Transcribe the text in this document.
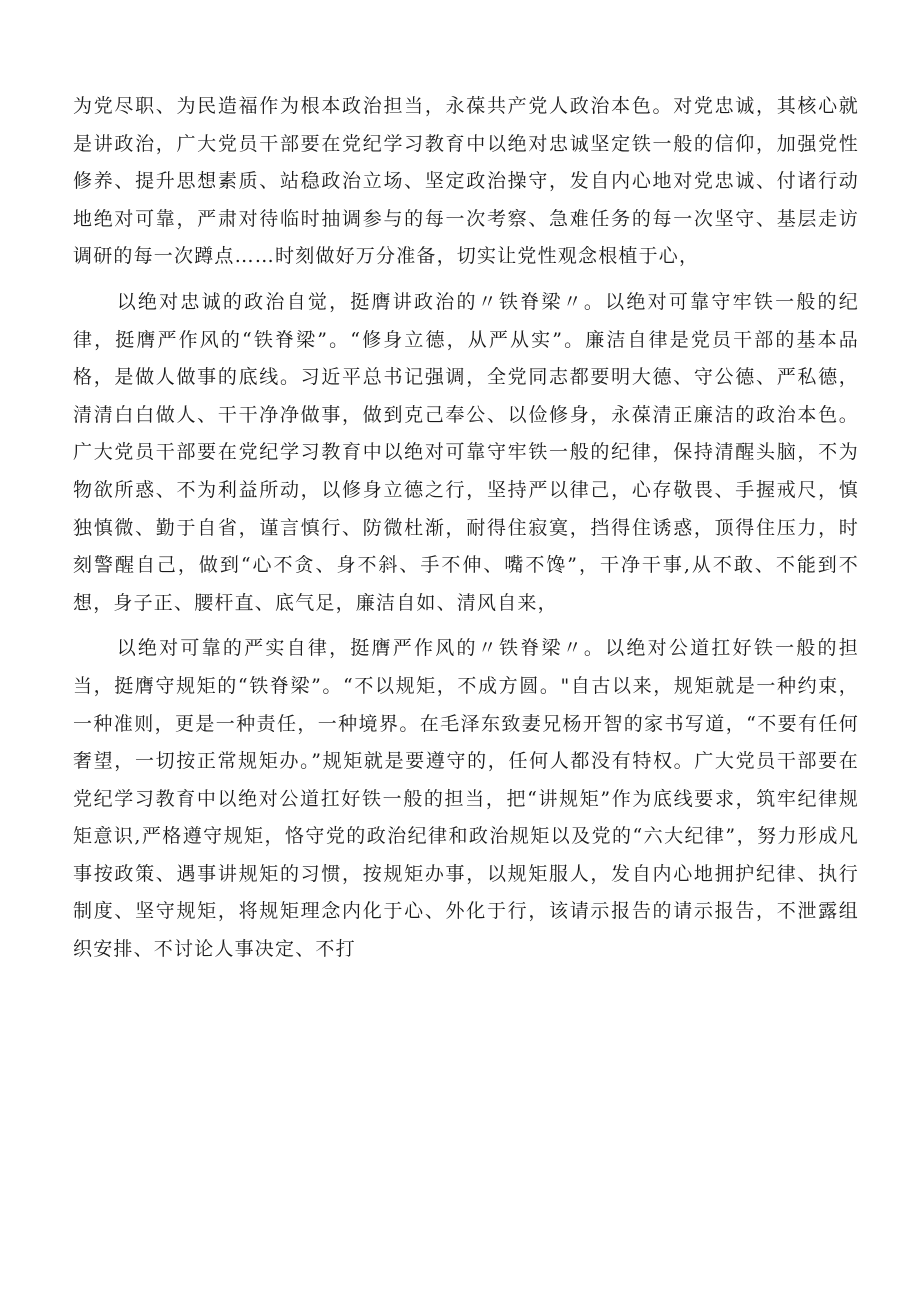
为党尽职、为民造福作为根本政治担当，永葆共产党人政治本色。对党忠诚，其核心就是讲政治，广大党员干部要在党纪学习教育中以绝对忠诚坚定铁一般的信仰，加强党性修养、提升思想素质、站稳政治立场、坚定政治操守，发自内心地对党忠诚、付诸行动地绝对可靠，严肃对待临时抽调参与的每一次考察、急难任务的每一次坚守、基层走访调研的每一次蹲点……时刻做好万分准备，切实让党性观念根植于心，

以绝对忠诚的政治自觉，挺膺讲政治的〃铁脊梁〃。以绝对可靠守牢铁一般的纪律，挺膺严作风的“铁脊梁”。“修身立德，从严从实”。廉洁自律是党员干部的基本品格，是做人做事的底线。习近平总书记强调，全党同志都要明大德、守公德、严私德，清清白白做人、干干净净做事，做到克己奉公、以俭修身，永葆清正廉洁的政治本色。广大党员干部要在党纪学习教育中以绝对可靠守牢铁一般的纪律，保持清醒头脑，不为物欲所惑、不为利益所动，以修身立德之行，坚持严以律己，心存敬畏、手握戒尺，慎独慎微、勤于自省，谨言慎行、防微杜渐，耐得住寂寞，挡得住诱惑，顶得住压力，时刻警醒自己，做到“心不贪、身不斜、手不伸、嘴不馋”，干净干事,从不敢、不能到不想，身子正、腰杆直、底气足，廉洁自如、清风自来，

以绝对可靠的严实自律，挺膺严作风的〃铁脊梁〃。以绝对公道扛好铁一般的担当，挺膺守规矩的“铁脊梁”。“不以规矩，不成方圆。"自古以来，规矩就是一种约束，一种准则，更是一种责任，一种境界。在毛泽东致妻兄杨开智的家书写道，“不要有任何奢望，一切按正常规矩办。”规矩就是要遵守的，任何人都没有特权。广大党员干部要在党纪学习教育中以绝对公道扛好铁一般的担当，把“讲规矩”作为底线要求，筑牢纪律规矩意识,严格遵守规矩，恪守党的政治纪律和政治规矩以及党的“六大纪律”，努力形成凡事按政策、遇事讲规矩的习惯，按规矩办事，以规矩服人，发自内心地拥护纪律、执行制度、坚守规矩，将规矩理念内化于心、外化于行，该请示报告的请示报告，不泄露组织安排、不讨论人事决定、不打
